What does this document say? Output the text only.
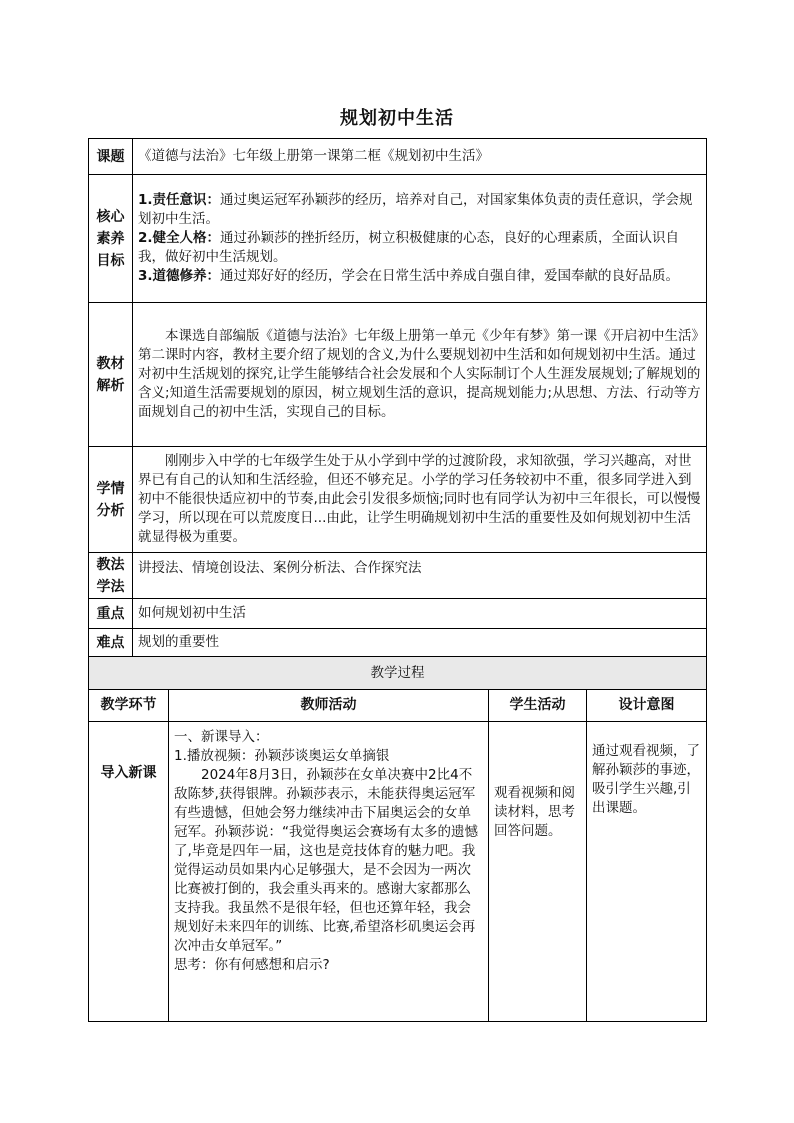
规划初中生活
课题	《道德与法治》七年级上册第一课第二框《规划初中生活》			
核心素养目标	1.责任意识：通过奥运冠军孙颖莎的经历，培养对自己，对国家集体负责的责任意识，学会规划初中生活。

2.健全人格：通过孙颖莎的挫折经历，树立积极健康的心态，良好的心理素质，全面认识自我，做好初中生活规划。

3.道德修养：通过郑好好的经历，学会在日常生活中养成自强自律，爱国奉献的良好品质。			

教材解析	本课选自部编版《道德与法治》七年级上册第一单元《少年有梦》第一课《开启初中生活》第二课时内容，教材主要介绍了规划的含义,为什么要规划初中生活和如何规划初中生活。通过对初中生活规划的探究,让学生能够结合社会发展和个人实际制订个人生涯发展规划;了解规划的含义;知道生活需要规划的原因，树立规划生活的意识，提高规划能力;从思想、方法、行动等方面规划自己的初中生活，实现自己的目标。			

学情分析	刚刚步入中学的七年级学生处于从小学到中学的过渡阶段，求知欲强，学习兴趣高，对世界已有自己的认知和生活经验，但还不够充足。小学的学习任务较初中不重，很多同学进入到初中不能很快适应初中的节奏,由此会引发很多烦恼;同时也有同学认为初中三年很长，可以慢慢学习，所以现在可以荒废度日...由此，让学生明确规划初中生活的重要性及如何规划初中生活就显得极为重要。			

教法学法	讲授法、情境创设法、案例分析法、合作探究法			
重点	如何规划初中生活			
难点	规划的重要性			
教学过程				
教学环节		教师活动	学生活动	设计意图
导入新课		一、新课导入：

1.播放视频：孙颖莎谈奥运女单摘银

2024年8月3日，孙颖莎在女单决赛中2比4不敌陈梦,获得银牌。孙颖莎表示，未能获得奥运冠军有些遗憾，但她会努力继续冲击下届奥运会的女单冠军。孙颖莎说：“我觉得奥运会赛场有太多的遗憾了,毕竟是四年一届，这也是竞技体育的魅力吧。我觉得运动员如果内心足够强大，是不会因为一两次比赛被打倒的，我会重头再来的。感谢大家都那么支持我。我虽然不是很年轻，但也还算年轻，我会规划好未来四年的训练、比赛,希望洛杉矶奥运会再次冲击女单冠军。”

思考：你有何感想和启示?	观看视频和阅读材料，思考回答问题。	通过观看视频，了解孙颖莎的事迹，吸引学生兴趣,引出课题。
